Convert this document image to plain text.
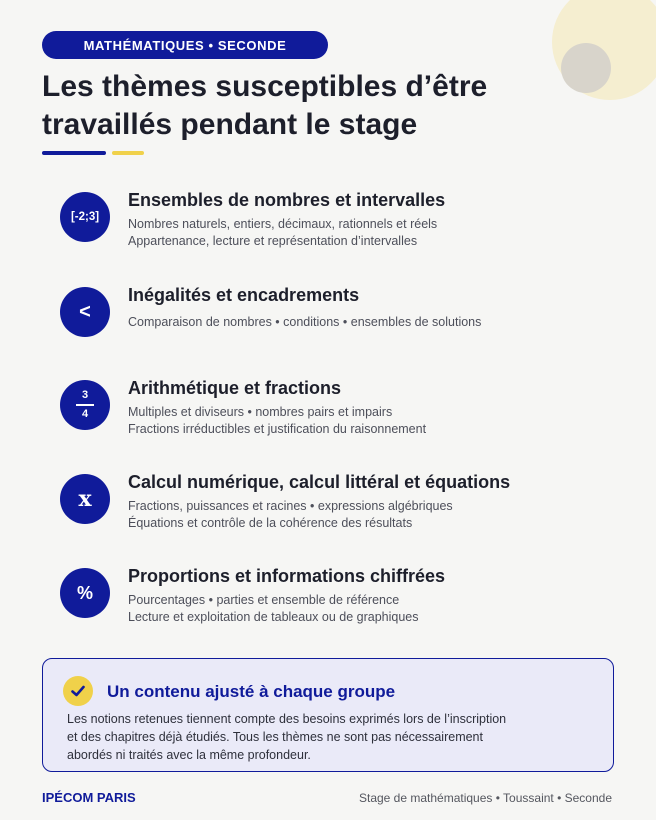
MATHÉMATIQUES • SECONDE
Les thèmes susceptibles d’être
travaillés pendant le stage
[-2;3]
Ensembles de nombres et intervalles
Nombres naturels, entiers, décimaux, rationnels et réels
Appartenance, lecture et représentation d’intervalles
<
Inégalités et encadrements
Comparaison de nombres • conditions • ensembles de solutions
$\frac{3}{4}$
Arithmétique et fractions
Multiples et diviseurs • nombres pairs et impairs
Fractions irréductibles et justification du raisonnement
x
Calcul numérique, calcul littéral et équations
Fractions, puissances et racines • expressions algébriques
Équations et contrôle de la cohérence des résultats
%
Proportions et informations chiffrées
Pourcentages • parties et ensemble de référence
Lecture et exploitation de tableaux ou de graphiques
Un contenu ajusté à chaque groupe
Les notions retenues tiennent compte des besoins exprimés lors de l’inscription
et des chapitres déjà étudiés. Tous les thèmes ne sont pas nécessairement
abordés ni traités avec la même profondeur.
IPÉCOM PARIS	Stage de mathématiques • Toussaint • Seconde
